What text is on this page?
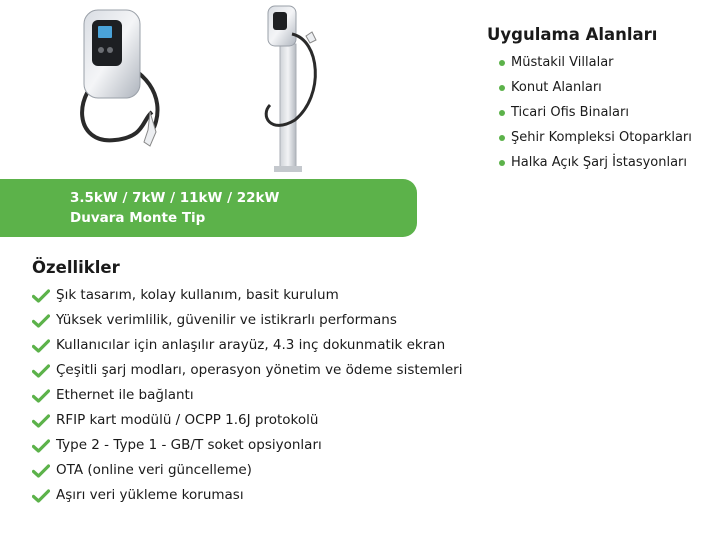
3.5kW / 7kW / 11kW / 22kW
Duvara Monte Tip
Uygulama Alanları
Müstakil Villalar
Konut Alanları
Ticari Ofis Binaları
Şehir Kompleksi Otoparkları
Halka Açık Şarj İstasyonları
Özellikler
Şık tasarım, kolay kullanım, basit kurulum
Yüksek verimlilik, güvenilir ve istikrarlı performans
Kullanıcılar için anlaşılır arayüz, 4.3 inç dokunmatik ekran
Çeşitli şarj modları, operasyon yönetim ve ödeme sistemleri
Ethernet ile bağlantı
RFIP kart modülü / OCPP 1.6J protokolü
Type 2 - Type 1 - GB/T soket opsiyonları
OTA (online veri güncelleme)
Aşırı veri yükleme koruması
